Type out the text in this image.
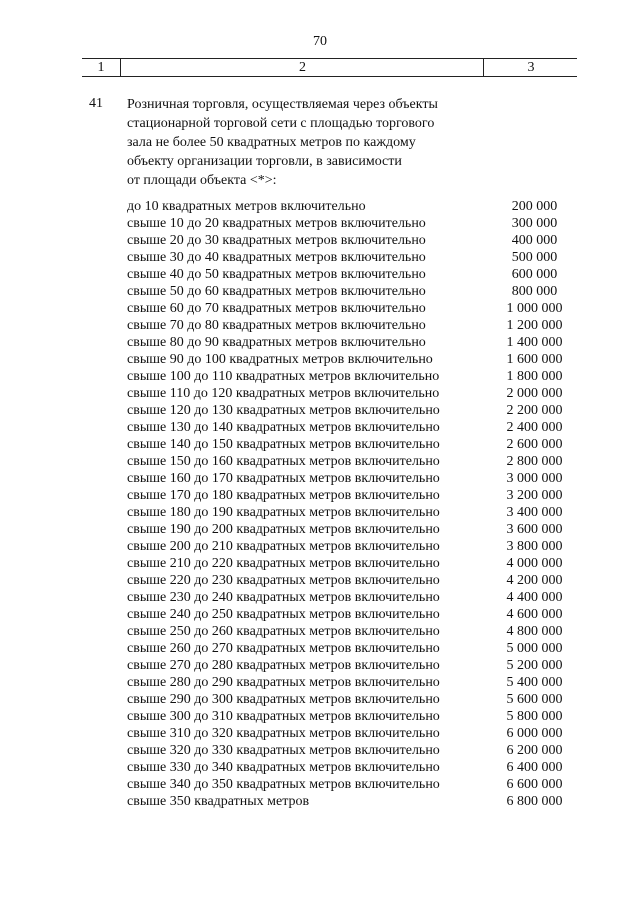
70
1	2	3
41 Розничная торговля, осуществляемая через объекты
стационарной торговой сети с площадью торгового
зала не более 50 квадратных метров по каждому
объекту организации торговли, в зависимости
от площади объекта <*>:
до 10 квадратных метров включительно	200 000
свыше 10 до 20 квадратных метров включительно	300 000
свыше 20 до 30 квадратных метров включительно	400 000
свыше 30 до 40 квадратных метров включительно	500 000
свыше 40 до 50 квадратных метров включительно	600 000
свыше 50 до 60 квадратных метров включительно	800 000
свыше 60 до 70 квадратных метров включительно	1 000 000
свыше 70 до 80 квадратных метров включительно	1 200 000
свыше 80 до 90 квадратных метров включительно	1 400 000
свыше 90 до 100 квадратных метров включительно	1 600 000
свыше 100 до 110 квадратных метров включительно	1 800 000
свыше 110 до 120 квадратных метров включительно	2 000 000
свыше 120 до 130 квадратных метров включительно	2 200 000
свыше 130 до 140 квадратных метров включительно	2 400 000
свыше 140 до 150 квадратных метров включительно	2 600 000
свыше 150 до 160 квадратных метров включительно	2 800 000
свыше 160 до 170 квадратных метров включительно	3 000 000
свыше 170 до 180 квадратных метров включительно	3 200 000
свыше 180 до 190 квадратных метров включительно	3 400 000
свыше 190 до 200 квадратных метров включительно	3 600 000
свыше 200 до 210 квадратных метров включительно	3 800 000
свыше 210 до 220 квадратных метров включительно	4 000 000
свыше 220 до 230 квадратных метров включительно	4 200 000
свыше 230 до 240 квадратных метров включительно	4 400 000
свыше 240 до 250 квадратных метров включительно	4 600 000
свыше 250 до 260 квадратных метров включительно	4 800 000
свыше 260 до 270 квадратных метров включительно	5 000 000
свыше 270 до 280 квадратных метров включительно	5 200 000
свыше 280 до 290 квадратных метров включительно	5 400 000
свыше 290 до 300 квадратных метров включительно	5 600 000
свыше 300 до 310 квадратных метров включительно	5 800 000
свыше 310 до 320 квадратных метров включительно	6 000 000
свыше 320 до 330 квадратных метров включительно	6 200 000
свыше 330 до 340 квадратных метров включительно	6 400 000
свыше 340 до 350 квадратных метров включительно	6 600 000
свыше 350 квадратных метров	6 800 000
